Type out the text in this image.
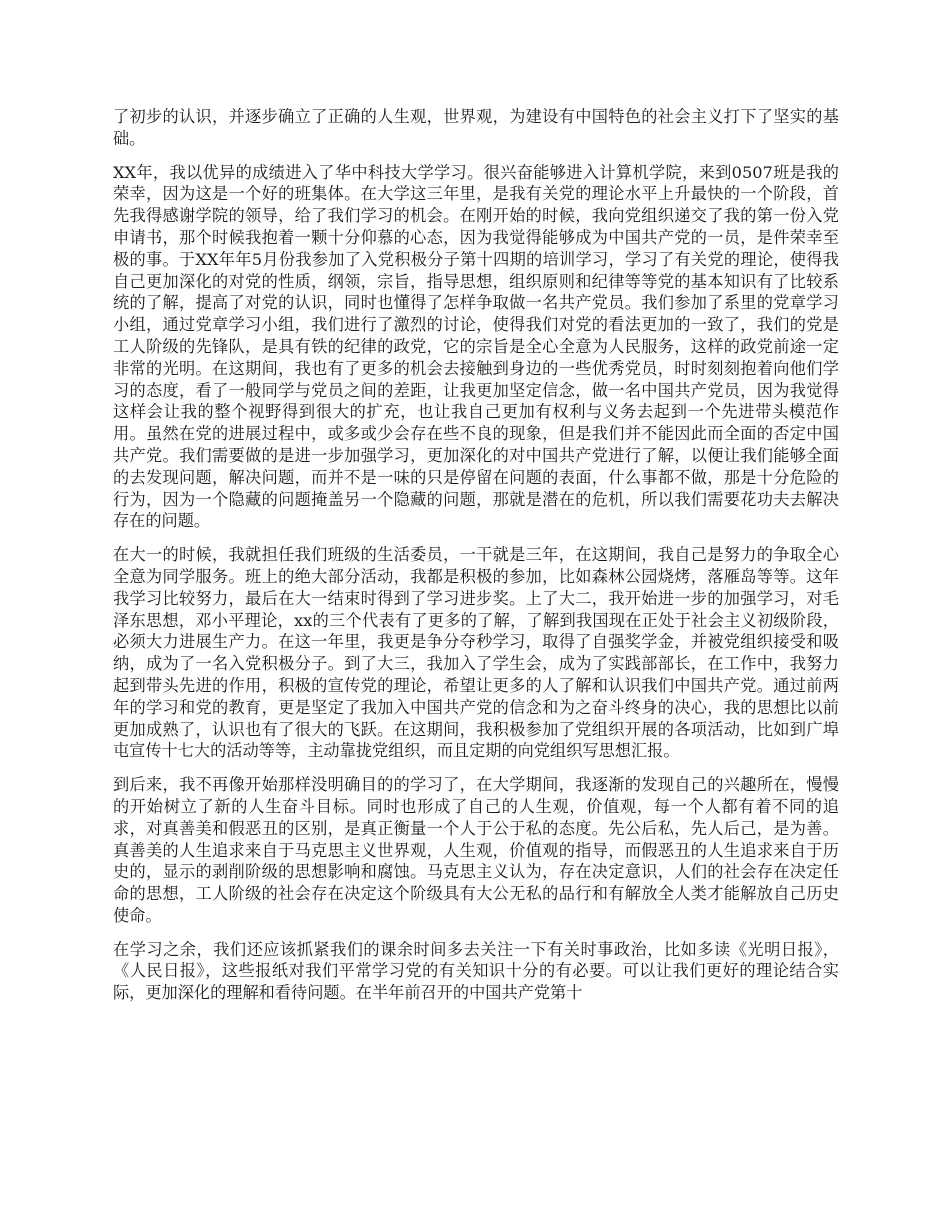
了初步的认识，并逐步确立了正确的人生观，世界观，为建设有中国特色的社会主义打下了坚实的基础。

XX年，我以优异的成绩进入了华中科技大学学习。很兴奋能够进入计算机学院，来到0507班是我的荣幸，因为这是一个好的班集体。在大学这三年里，是我有关党的理论水平上升最快的一个阶段，首先我得感谢学院的领导，给了我们学习的机会。在刚开始的时候，我向党组织递交了我的第一份入党申请书，那个时候我抱着一颗十分仰慕的心态，因为我觉得能够成为中国共产党的一员，是件荣幸至极的事。于XX年年5月份我参加了入党积极分子第十四期的培训学习，学习了有关党的理论，使得我自己更加深化的对党的性质，纲领，宗旨，指导思想，组织原则和纪律等等党的基本知识有了比较系统的了解，提高了对党的认识，同时也懂得了怎样争取做一名共产党员。我们参加了系里的党章学习小组，通过党章学习小组，我们进行了激烈的讨论，使得我们对党的看法更加的一致了，我们的党是工人阶级的先锋队，是具有铁的纪律的政党，它的宗旨是全心全意为人民服务，这样的政党前途一定非常的光明。在这期间，我也有了更多的机会去接触到身边的一些优秀党员，时时刻刻抱着向他们学习的态度，看了一般同学与党员之间的差距，让我更加坚定信念，做一名中国共产党员，因为我觉得这样会让我的整个视野得到很大的扩充，也让我自己更加有权利与义务去起到一个先进带头模范作用。虽然在党的进展过程中，或多或少会存在些不良的现象，但是我们并不能因此而全面的否定中国共产党。我们需要做的是进一步加强学习，更加深化的对中国共产党进行了解，以便让我们能够全面的去发现问题，解决问题，而并不是一味的只是停留在问题的表面，什么事都不做，那是十分危险的行为，因为一个隐藏的问题掩盖另一个隐藏的问题，那就是潜在的危机，所以我们需要花功夫去解决存在的问题。

在大一的时候，我就担任我们班级的生活委员，一干就是三年，在这期间，我自己是努力的争取全心全意为同学服务。班上的绝大部分活动，我都是积极的参加，比如森林公园烧烤，落雁岛等等。这年我学习比较努力，最后在大一结束时得到了学习进步奖。上了大二，我开始进一步的加强学习，对毛泽东思想，邓小平理论，xx的三个代表有了更多的了解，了解到我国现在正处于社会主义初级阶段，必须大力进展生产力。在这一年里，我更是争分夺秒学习，取得了自强奖学金，并被党组织接受和吸纳，成为了一名入党积极分子。到了大三，我加入了学生会，成为了实践部部长，在工作中，我努力起到带头先进的作用，积极的宣传党的理论，希望让更多的人了解和认识我们中国共产党。通过前两年的学习和党的教育，更是坚定了我加入中国共产党的信念和为之奋斗终身的决心，我的思想比以前更加成熟了，认识也有了很大的飞跃。在这期间，我积极参加了党组织开展的各项活动，比如到广埠屯宣传十七大的活动等等，主动靠拢党组织，而且定期的向党组织写思想汇报。

到后来，我不再像开始那样没明确目的的学习了，在大学期间，我逐渐的发现自己的兴趣所在，慢慢的开始树立了新的人生奋斗目标。同时也形成了自己的人生观，价值观，每一个人都有着不同的追求，对真善美和假恶丑的区别，是真正衡量一个人于公于私的态度。先公后私，先人后己，是为善。真善美的人生追求来自于马克思主义世界观，人生观，价值观的指导，而假恶丑的人生追求来自于历史的，显示的剥削阶级的思想影响和腐蚀。马克思主义认为，存在决定意识，人们的社会存在决定任命的思想，工人阶级的社会存在决定这个阶级具有大公无私的品行和有解放全人类才能解放自己历史使命。

在学习之余，我们还应该抓紧我们的课余时间多去关注一下有关时事政治，比如多读《光明日报》，《人民日报》，这些报纸对我们平常学习党的有关知识十分的有必要。可以让我们更好的理论结合实际，更加深化的理解和看待问题。在半年前召开的中国共产党第十
